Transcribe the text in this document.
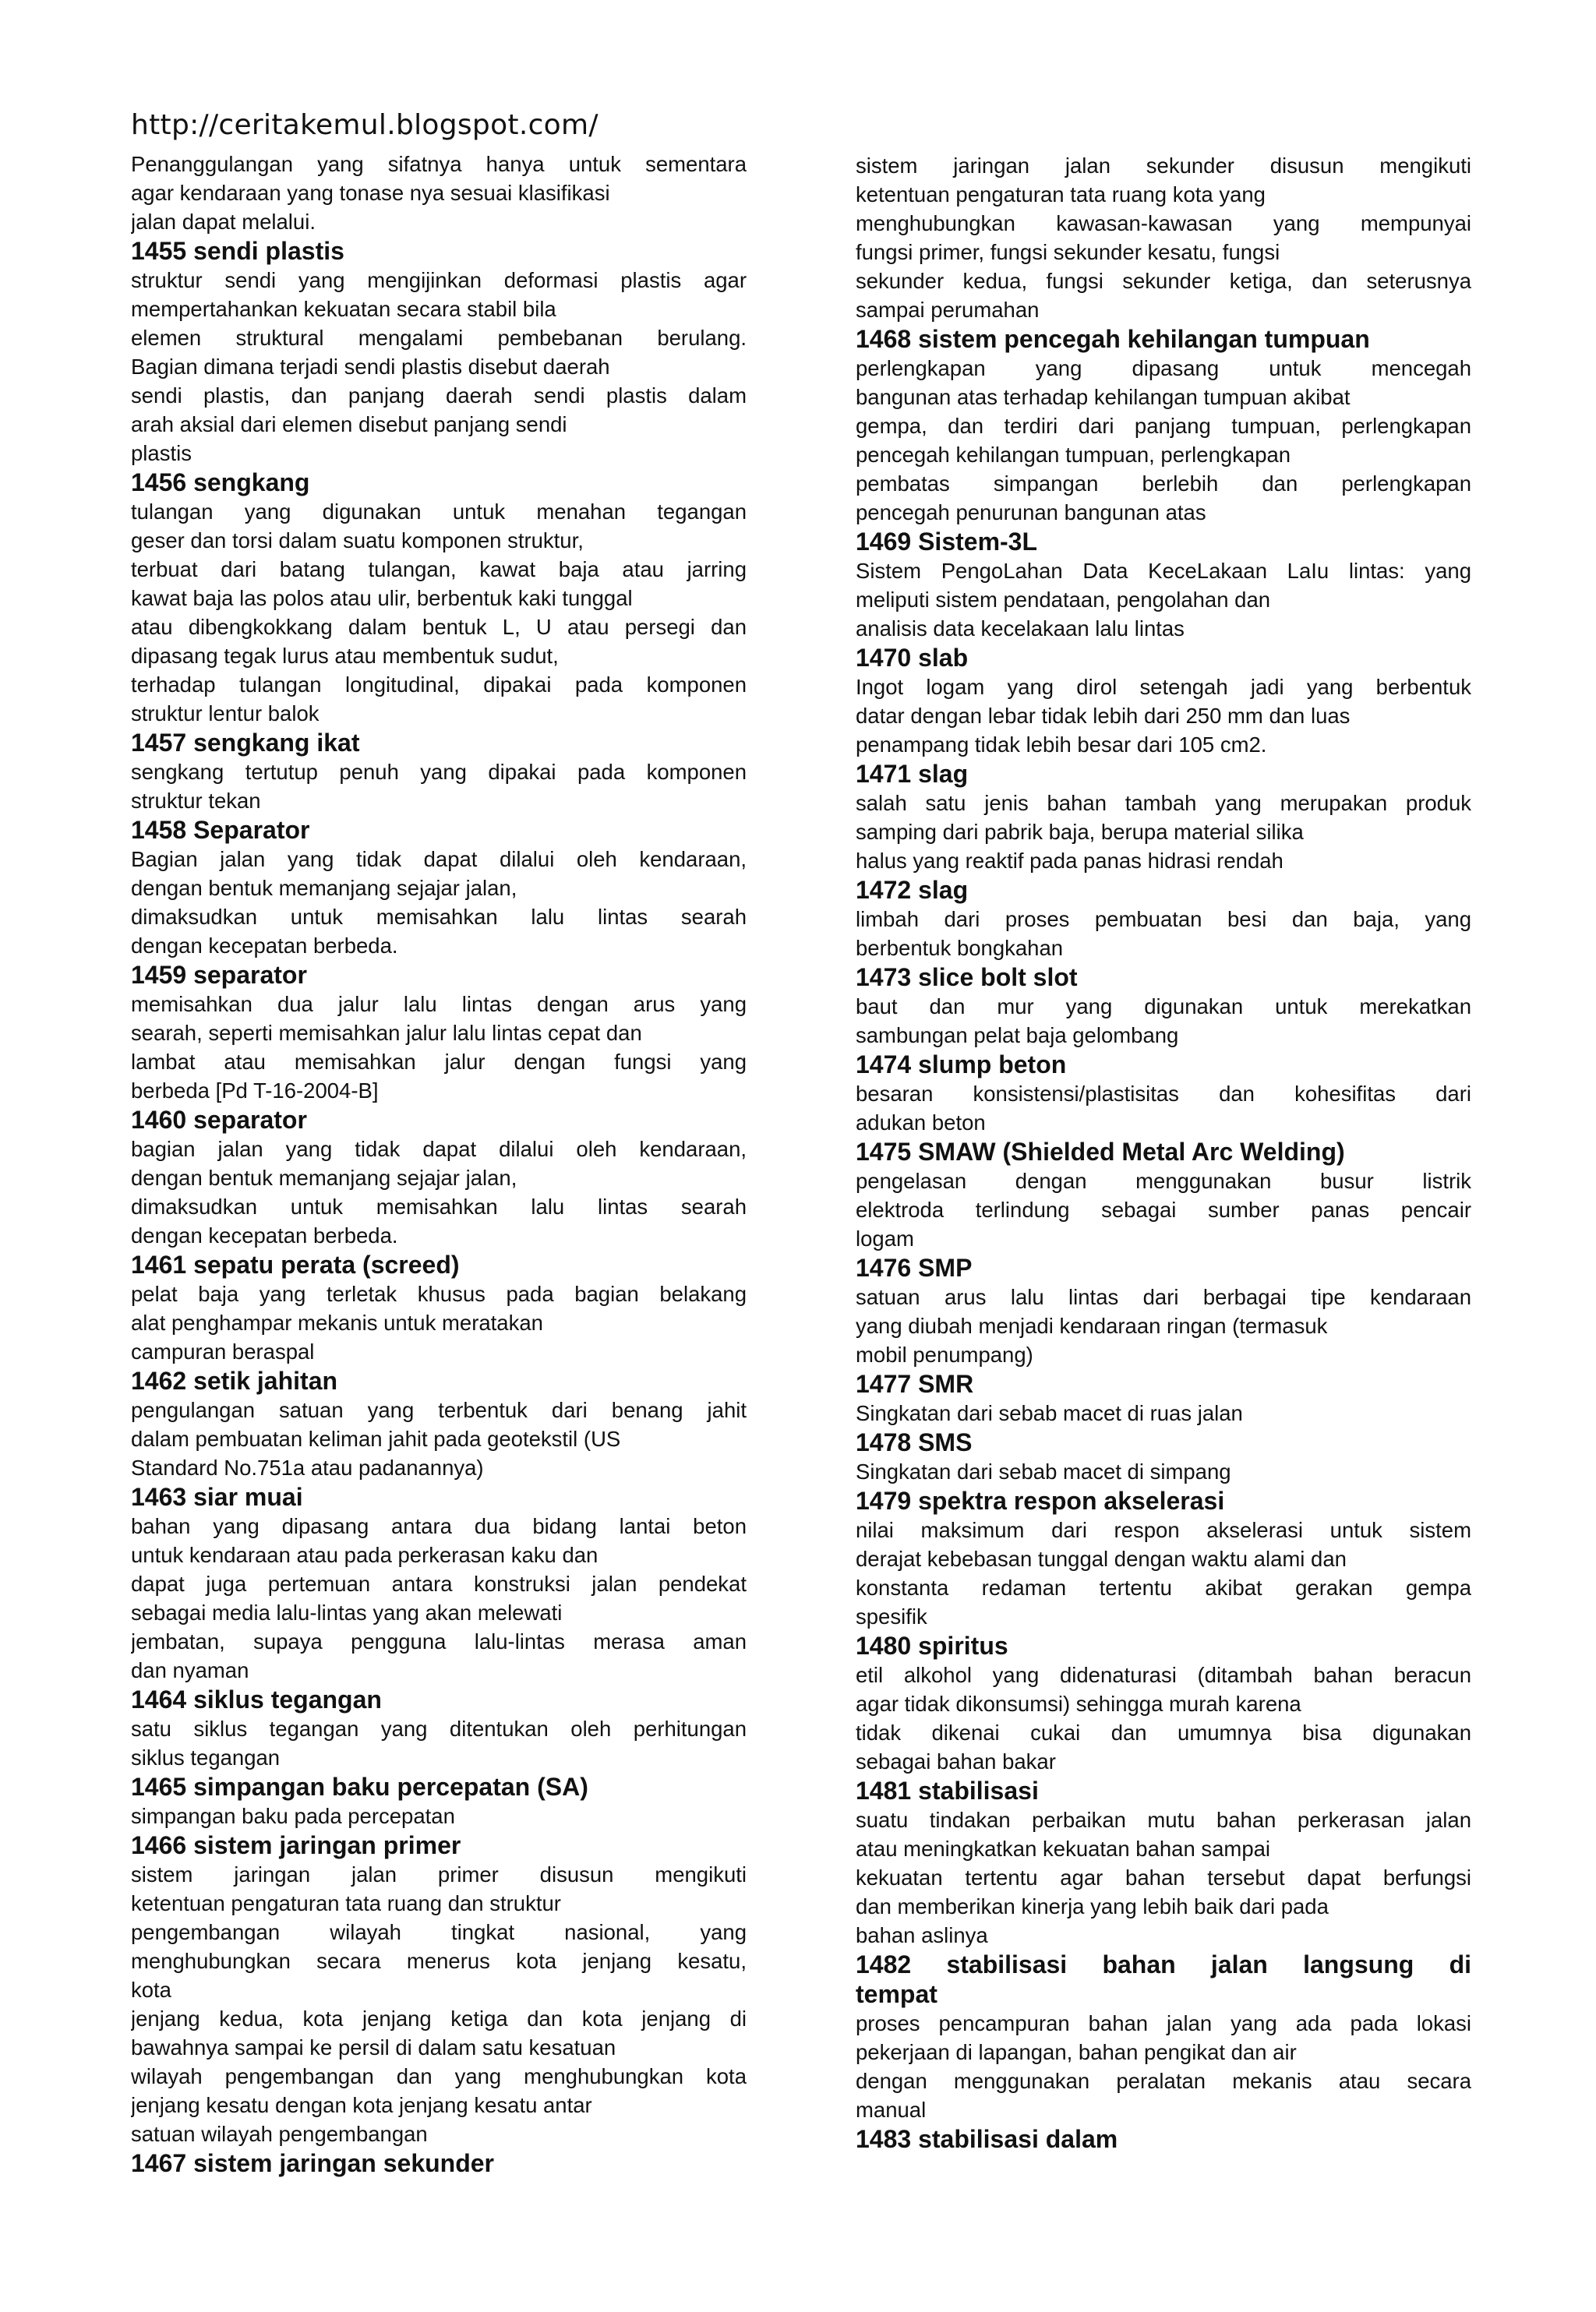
http://ceritakemul.blogspot.com/
Penanggulangan yang sifatnya hanya untuk sementara
agar kendaraan yang tonase nya sesuai klasifikasi
jalan dapat melalui.
1455 sendi plastis
struktur sendi yang mengijinkan deformasi plastis agar
mempertahankan kekuatan secara stabil bila
elemen struktural mengalami pembebanan berulang.
Bagian dimana terjadi sendi plastis disebut daerah
sendi plastis, dan panjang daerah sendi plastis dalam
arah aksial dari elemen disebut panjang sendi
plastis
1456 sengkang
tulangan yang digunakan untuk menahan tegangan
geser dan torsi dalam suatu komponen struktur,
terbuat dari batang tulangan, kawat baja atau jarring
kawat baja las polos atau ulir, berbentuk kaki tunggal
atau dibengkokkang dalam bentuk L, U atau persegi dan
dipasang tegak lurus atau membentuk sudut,
terhadap tulangan longitudinal, dipakai pada komponen
struktur lentur balok
1457 sengkang ikat
sengkang tertutup penuh yang dipakai pada komponen
struktur tekan
1458 Separator
Bagian jalan yang tidak dapat dilalui oleh kendaraan,
dengan bentuk memanjang sejajar jalan,
dimaksudkan untuk memisahkan lalu lintas searah
dengan kecepatan berbeda.
1459 separator
memisahkan dua jalur lalu lintas dengan arus yang
searah, seperti memisahkan jalur lalu lintas cepat dan
lambat atau memisahkan jalur dengan fungsi yang
berbeda [Pd T-16-2004-B]
1460 separator
bagian jalan yang tidak dapat dilalui oleh kendaraan,
dengan bentuk memanjang sejajar jalan,
dimaksudkan untuk memisahkan lalu lintas searah
dengan kecepatan berbeda.
1461 sepatu perata (screed)
pelat baja yang terletak khusus pada bagian belakang
alat penghampar mekanis untuk meratakan
campuran beraspal
1462 setik jahitan
pengulangan satuan yang terbentuk dari benang jahit
dalam pembuatan keliman jahit pada geotekstil (US
Standard No.751a atau padanannya)
1463 siar muai
bahan yang dipasang antara dua bidang lantai beton
untuk kendaraan atau pada perkerasan kaku dan
dapat juga pertemuan antara konstruksi jalan pendekat
sebagai media lalu-lintas yang akan melewati
jembatan, supaya pengguna lalu-lintas merasa aman
dan nyaman
1464 siklus tegangan
satu siklus tegangan yang ditentukan oleh perhitungan
siklus tegangan
1465 simpangan baku percepatan (SA)
simpangan baku pada percepatan
1466 sistem jaringan primer
sistem jaringan jalan primer disusun mengikuti
ketentuan pengaturan tata ruang dan struktur
pengembangan wilayah tingkat nasional, yang
menghubungkan secara menerus kota jenjang kesatu,
kota
jenjang kedua, kota jenjang ketiga dan kota jenjang di
bawahnya sampai ke persil di dalam satu kesatuan
wilayah pengembangan dan yang menghubungkan kota
jenjang kesatu dengan kota jenjang kesatu antar
satuan wilayah pengembangan
1467 sistem jaringan sekunder
sistem jaringan jalan sekunder disusun mengikuti
ketentuan pengaturan tata ruang kota yang
menghubungkan kawasan-kawasan yang mempunyai
fungsi primer, fungsi sekunder kesatu, fungsi
sekunder kedua, fungsi sekunder ketiga, dan seterusnya
sampai perumahan
1468 sistem pencegah kehilangan tumpuan
perlengkapan yang dipasang untuk mencegah
bangunan atas terhadap kehilangan tumpuan akibat
gempa, dan terdiri dari panjang tumpuan, perlengkapan
pencegah kehilangan tumpuan, perlengkapan
pembatas simpangan berlebih dan perlengkapan
pencegah penurunan bangunan atas
1469 Sistem-3L
Sistem PengoLahan Data KeceLakaan LaIu lintas: yang
meliputi sistem pendataan, pengolahan dan
analisis data kecelakaan lalu lintas
1470 slab
Ingot logam yang dirol setengah jadi yang berbentuk
datar dengan lebar tidak lebih dari 250 mm dan luas
penampang tidak lebih besar dari 105 cm2.
1471 slag
salah satu jenis bahan tambah yang merupakan produk
samping dari pabrik baja, berupa material silika
halus yang reaktif pada panas hidrasi rendah
1472 slag
limbah dari proses pembuatan besi dan baja, yang
berbentuk bongkahan
1473 slice bolt slot
baut dan mur yang digunakan untuk merekatkan
sambungan pelat baja gelombang
1474 slump beton
besaran konsistensi/plastisitas dan kohesifitas dari
adukan beton
1475 SMAW (Shielded Metal Arc Welding)
pengelasan dengan menggunakan busur listrik
elektroda terlindung sebagai sumber panas pencair
logam
1476 SMP
satuan arus lalu lintas dari berbagai tipe kendaraan
yang diubah menjadi kendaraan ringan (termasuk
mobil penumpang)
1477 SMR
Singkatan dari sebab macet di ruas jalan
1478 SMS
Singkatan dari sebab macet di simpang
1479 spektra respon akselerasi
nilai maksimum dari respon akselerasi untuk sistem
derajat kebebasan tunggal dengan waktu alami dan
konstanta redaman tertentu akibat gerakan gempa
spesifik
1480 spiritus
etil alkohol yang didenaturasi (ditambah bahan beracun
agar tidak dikonsumsi) sehingga murah karena
tidak dikenai cukai dan umumnya bisa digunakan
sebagai bahan bakar
1481 stabilisasi
suatu tindakan perbaikan mutu bahan perkerasan jalan
atau meningkatkan kekuatan bahan sampai
kekuatan tertentu agar bahan tersebut dapat berfungsi
dan memberikan kinerja yang lebih baik dari pada
bahan aslinya
1482 stabilisasi bahan jalan langsung di
tempat
proses pencampuran bahan jalan yang ada pada lokasi
pekerjaan di lapangan, bahan pengikat dan air
dengan menggunakan peralatan mekanis atau secara
manual
1483 stabilisasi dalam
